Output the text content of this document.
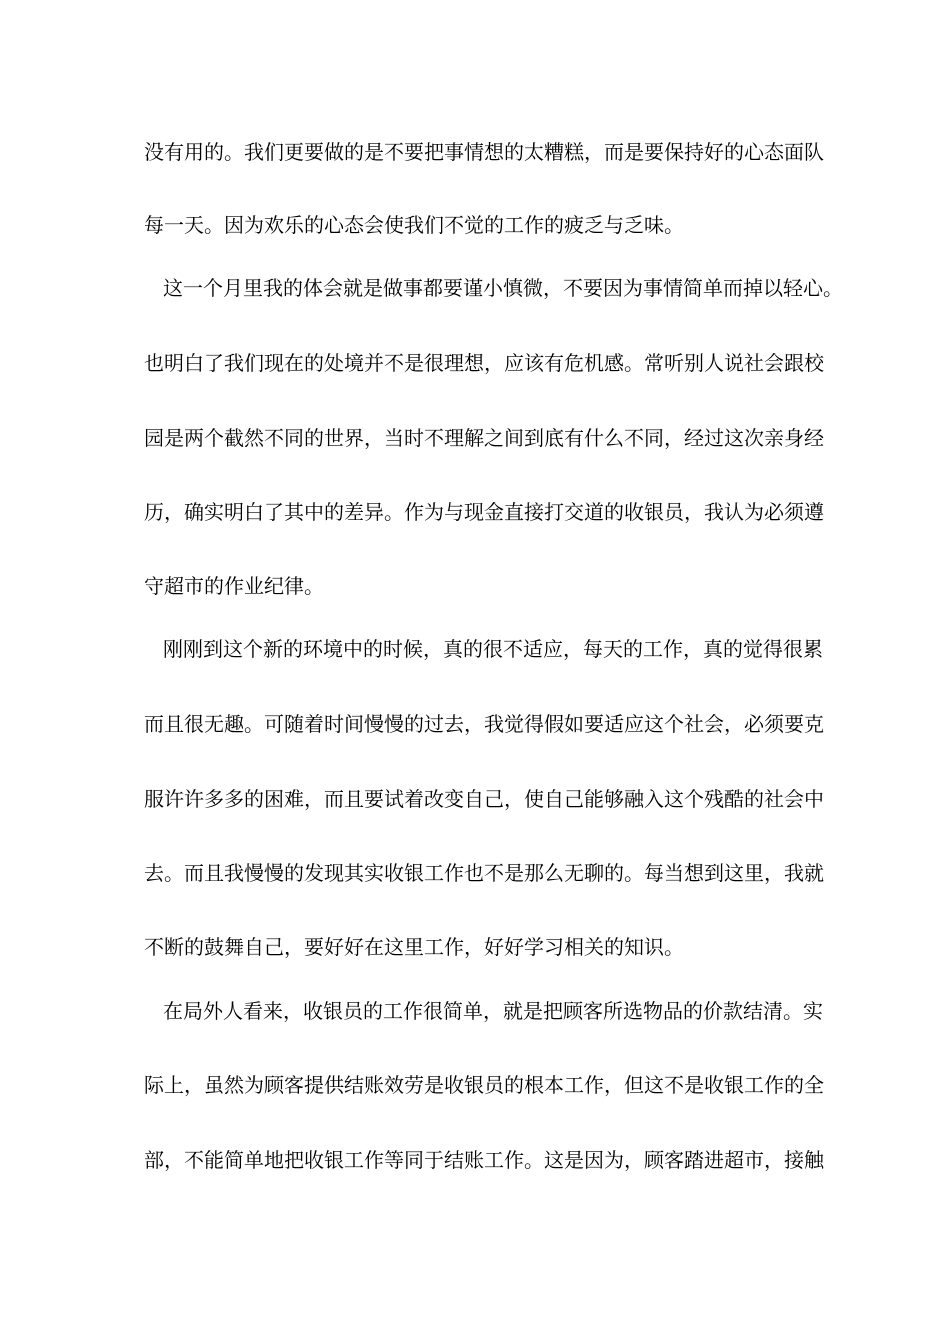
没有用的。我们更要做的是不要把事情想的太糟糕，而是要保持好的心态面队
每一天。因为欢乐的心态会使我们不觉的工作的疲乏与乏味。
这一个月里我的体会就是做事都要谨小慎微，不要因为事情简单而掉以轻心。
也明白了我们现在的处境并不是很理想，应该有危机感。常听别人说社会跟校
园是两个截然不同的世界，当时不理解之间到底有什么不同，经过这次亲身经
历，确实明白了其中的差异。作为与现金直接打交道的收银员，我认为必须遵
守超市的作业纪律。
刚刚到这个新的环境中的时候，真的很不适应，每天的工作，真的觉得很累
而且很无趣。可随着时间慢慢的过去，我觉得假如要适应这个社会，必须要克
服许许多多的困难，而且要试着改变自己，使自己能够融入这个残酷的社会中
去。而且我慢慢的发现其实收银工作也不是那么无聊的。每当想到这里，我就
不断的鼓舞自己，要好好在这里工作，好好学习相关的知识。
在局外人看来，收银员的工作很简单，就是把顾客所选物品的价款结清。实
际上，虽然为顾客提供结账效劳是收银员的根本工作，但这不是收银工作的全
部，不能简单地把收银工作等同于结账工作。这是因为，顾客踏进超市，接触
